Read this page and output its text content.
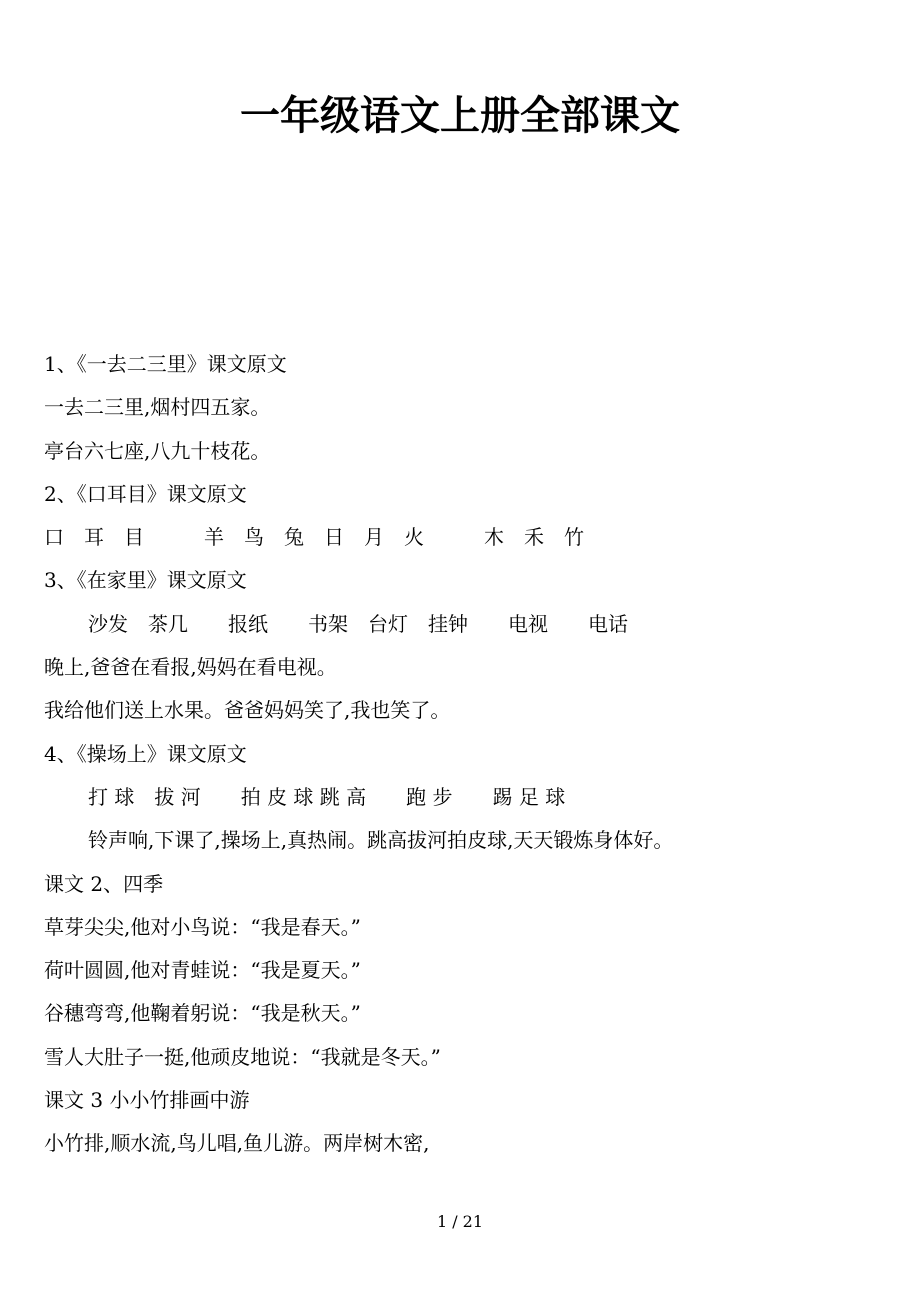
一年级语文上册全部课文

1、《一去二三里》课文原文

一去二三里,烟村四五家。

亭台六七座,八九十枝花。

2、《口耳目》课文原文

口　耳　目　　　羊　鸟　兔　日　月　火　　　木　禾　竹

3、《在家里》课文原文

沙发　茶几　　报纸　　书架　台灯　挂钟　　电视　　电话

晚上,爸爸在看报,妈妈在看电视。

我给他们送上水果。爸爸妈妈笑了,我也笑了。

4、《操场上》课文原文

打 球　拔 河　　拍 皮 球 跳 高　　跑 步　　踢 足 球

铃声响,下课了,操场上,真热闹。跳高拔河拍皮球,天天锻炼身体好。

课文 2、四季

草芽尖尖,他对小鸟说：“我是春天。”

荷叶圆圆,他对青蛙说：“我是夏天。”

谷穗弯弯,他鞠着躬说：“我是秋天。”

雪人大肚子一挺,他顽皮地说：“我就是冬天。”

课文 3 小小竹排画中游

小竹排,顺水流,鸟儿唱,鱼儿游。两岸树木密,

1 / 21
